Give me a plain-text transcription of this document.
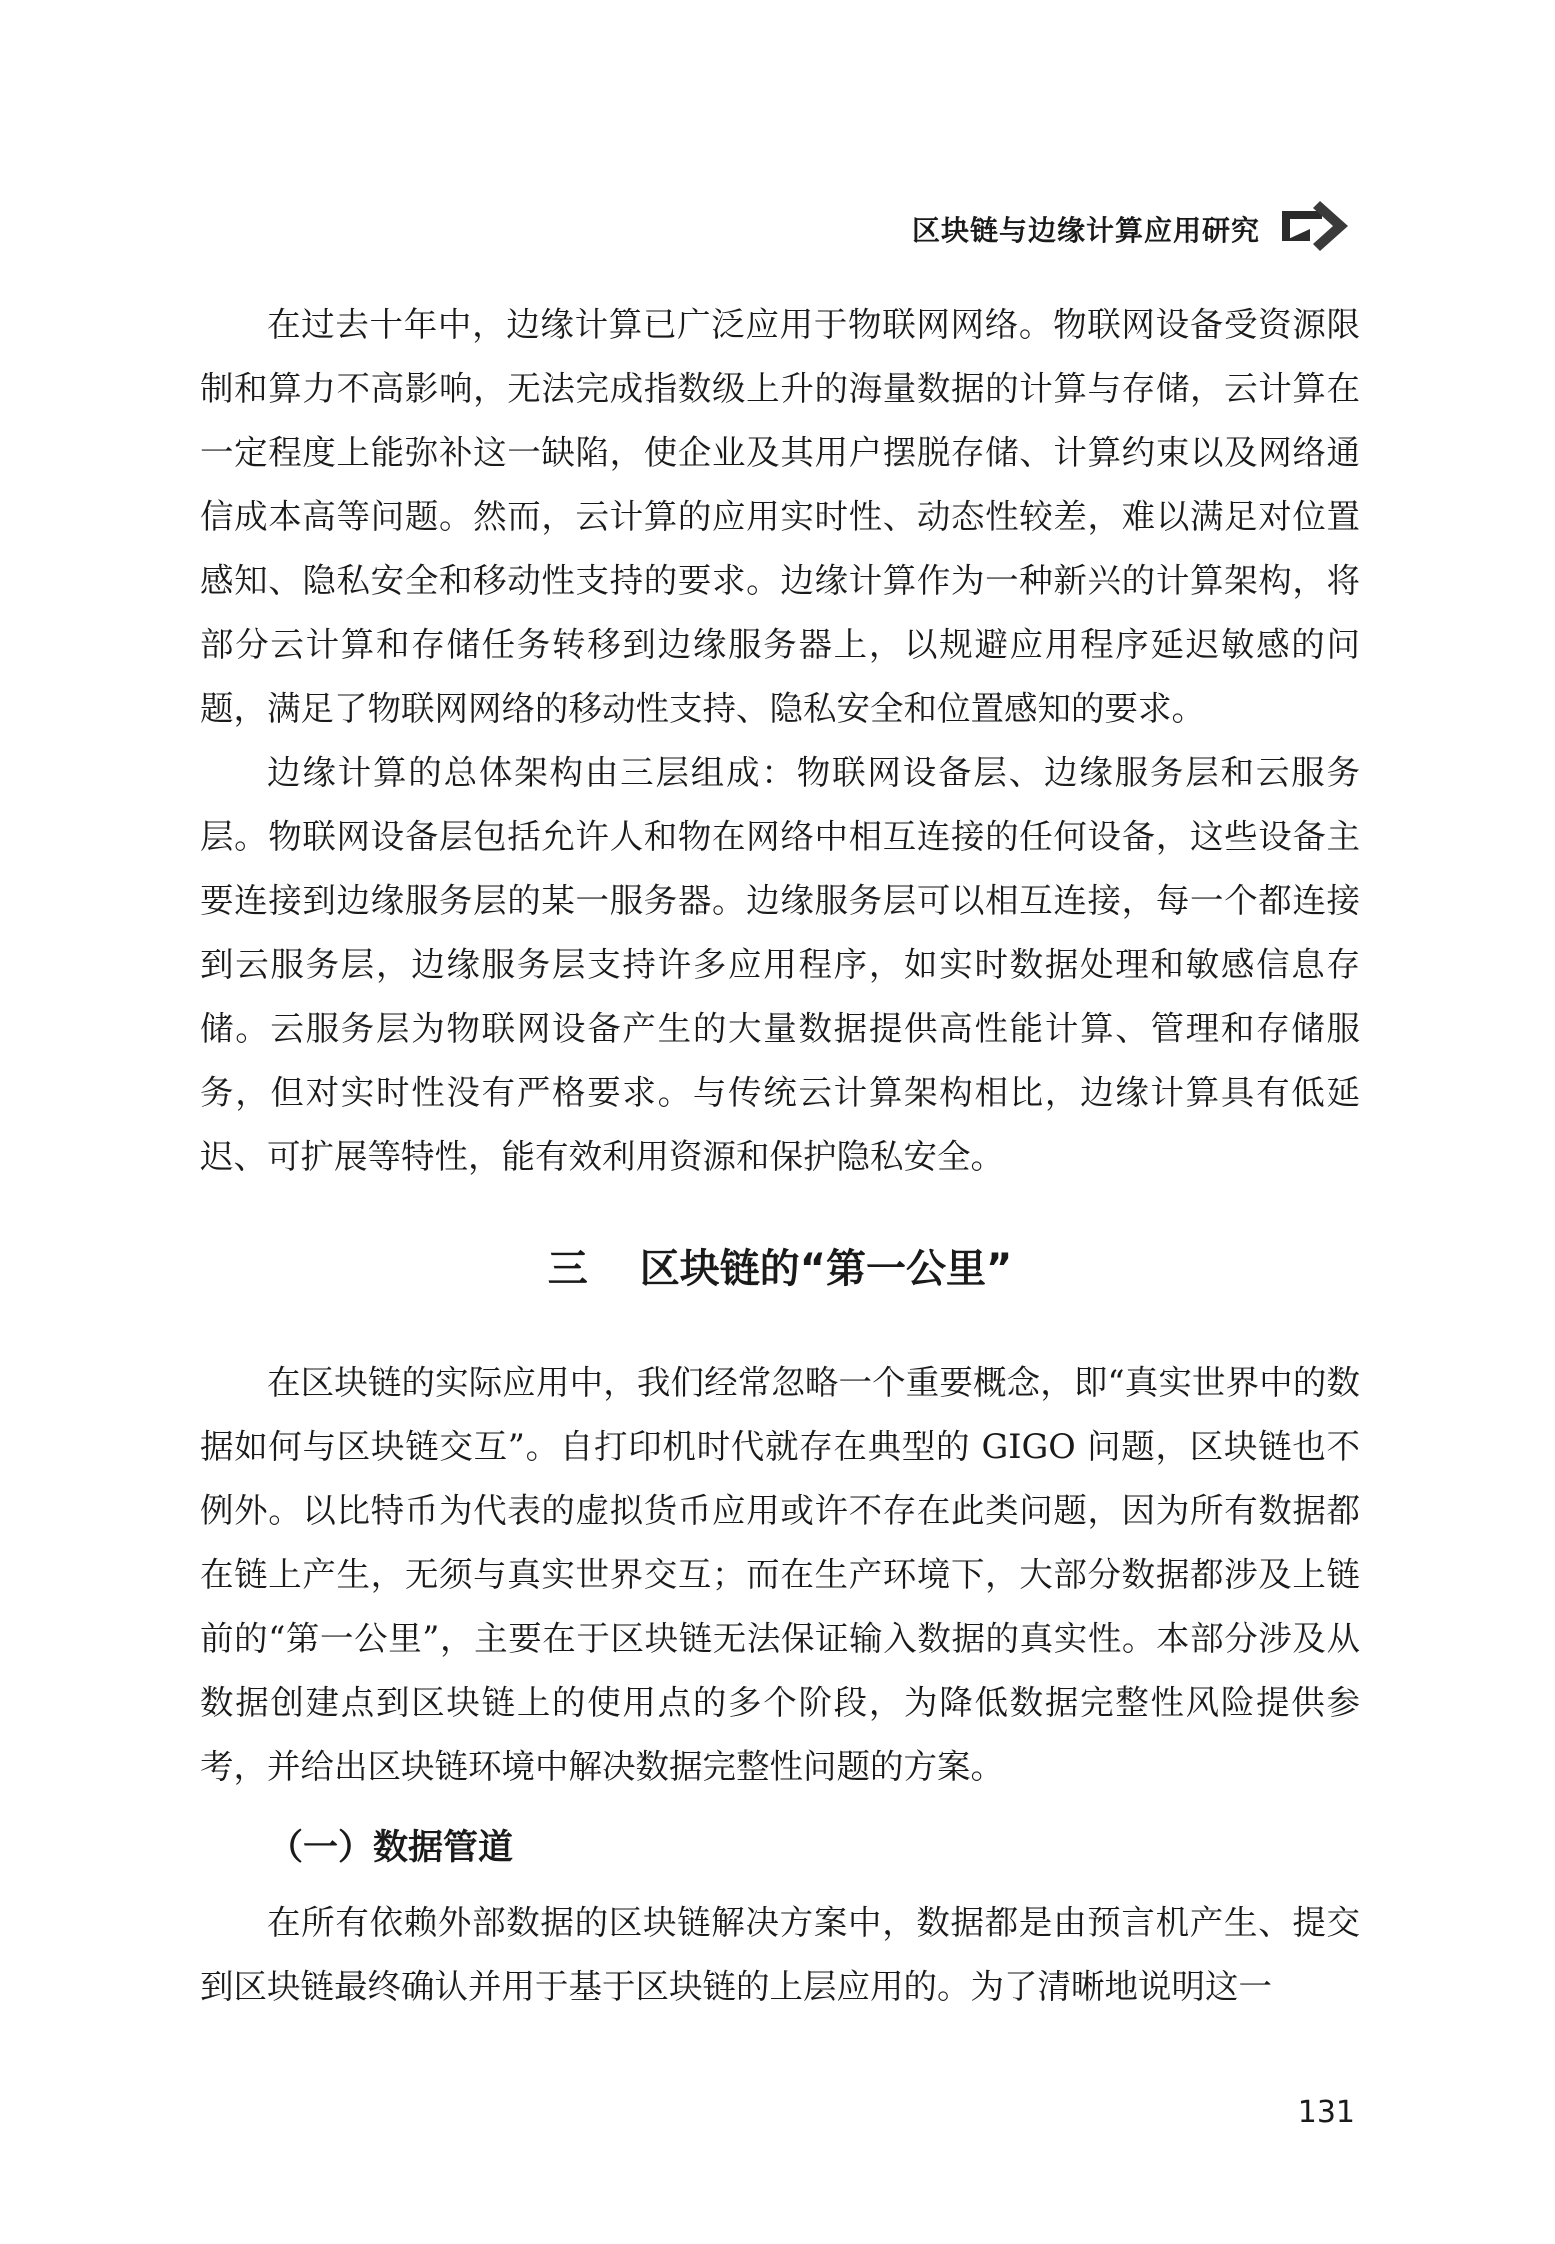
区块链与边缘计算应用研究

在过去十年中，边缘计算已广泛应用于物联网网络。物联网设备受资源限制和算力不高影响，无法完成指数级上升的海量数据的计算与存储，云计算在一定程度上能弥补这一缺陷，使企业及其用户摆脱存储、计算约束以及网络通信成本高等问题。然而，云计算的应用实时性、动态性较差，难以满足对位置感知、隐私安全和移动性支持的要求。边缘计算作为一种新兴的计算架构，将部分云计算和存储任务转移到边缘服务器上，以规避应用程序延迟敏感的问题，满足了物联网网络的移动性支持、隐私安全和位置感知的要求。

边缘计算的总体架构由三层组成：物联网设备层、边缘服务层和云服务层。物联网设备层包括允许人和物在网络中相互连接的任何设备，这些设备主要连接到边缘服务层的某一服务器。边缘服务层可以相互连接，每一个都连接到云服务层，边缘服务层支持许多应用程序，如实时数据处理和敏感信息存储。云服务层为物联网设备产生的大量数据提供高性能计算、管理和存储服务，但对实时性没有严格要求。与传统云计算架构相比，边缘计算具有低延迟、可扩展等特性，能有效利用资源和保护隐私安全。

三 区块链的“第一公里”

在区块链的实际应用中，我们经常忽略一个重要概念，即“真实世界中的数据如何与区块链交互”。自打印机时代就存在典型的 GIGO 问题，区块链也不例外。以比特币为代表的虚拟货币应用或许不存在此类问题，因为所有数据都在链上产生，无须与真实世界交互；而在生产环境下，大部分数据都涉及上链前的“第一公里”，主要在于区块链无法保证输入数据的真实性。本部分涉及从数据创建点到区块链上的使用点的多个阶段，为降低数据完整性风险提供参考，并给出区块链环境中解决数据完整性问题的方案。

（一）数据管道

在所有依赖外部数据的区块链解决方案中，数据都是由预言机产生、提交到区块链最终确认并用于基于区块链的上层应用的。为了清晰地说明这一

131
